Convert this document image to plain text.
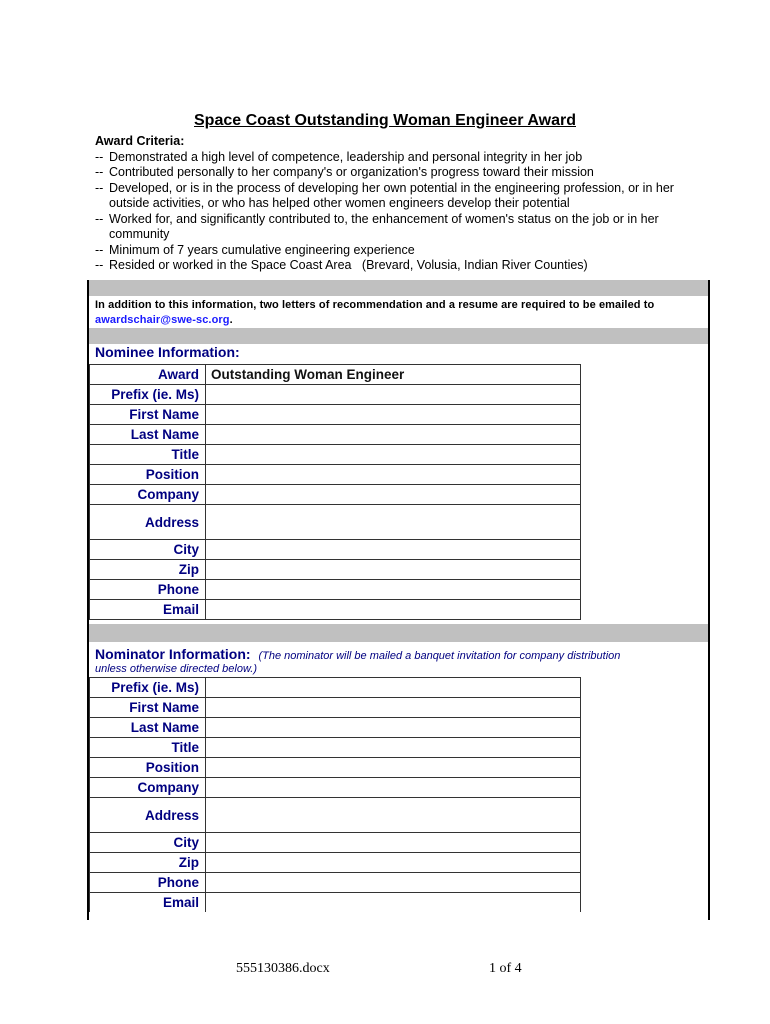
Space Coast Outstanding Woman Engineer Award
Award Criteria:
-- Demonstrated a high level of competence, leadership and personal integrity in her job
-- Contributed personally to her company's or organization's progress toward their mission
-- Developed, or is in the process of developing her own potential in the engineering profession, or in her outside activities, or who has helped other women engineers develop their potential
-- Worked for, and significantly contributed to, the enhancement of women's status on the job or in her community
-- Minimum of 7 years cumulative engineering experience
-- Resided or worked in the Space Coast Area   (Brevard, Volusia, Indian River Counties)
In addition to this information, two letters of recommendation and a resume are required to be emailed to awardschair@swe-sc.org.
Nominee Information:
Award	Outstanding Woman Engineer
Prefix (ie. Ms)	
First Name	
Last Name	
Title	
Position	
Company	
Address	
City	
Zip	
Phone	
Email	
Nominator Information: (The nominator will be mailed a banquet invitation for company distribution
unless otherwise directed below.)
Prefix (ie. Ms)	
First Name	
Last Name	
Title	
Position	
Company	
Address	
City	
Zip	
Phone	
Email	
555130386.docx	1 of 4
